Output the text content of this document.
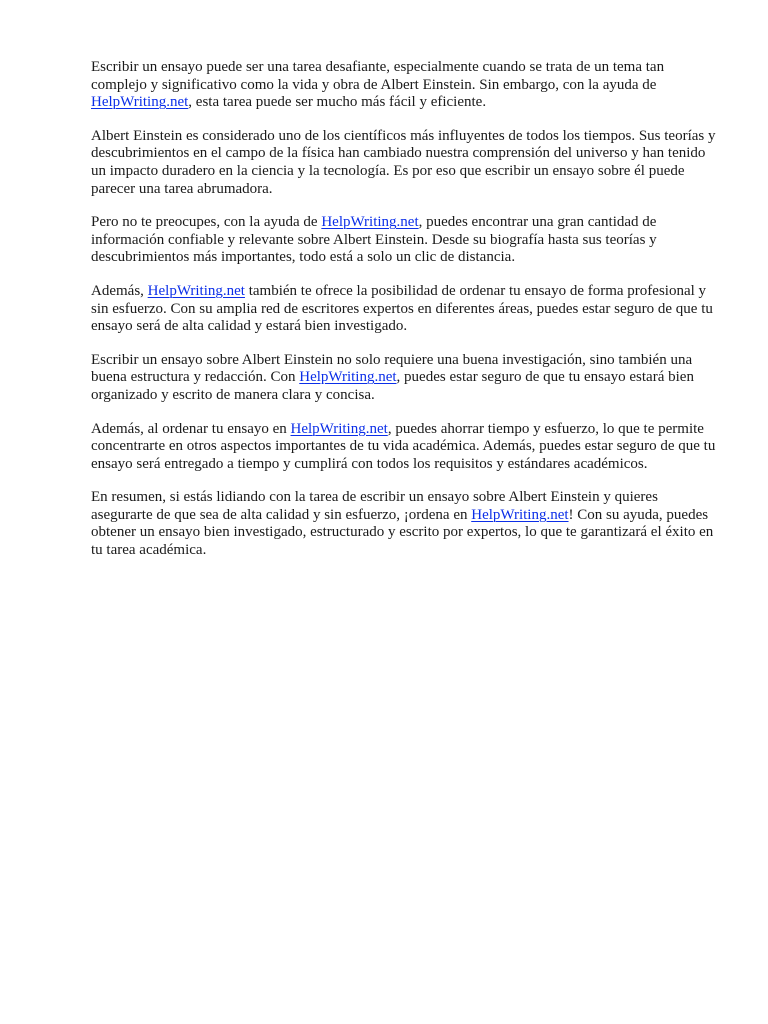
Escribir un ensayo puede ser una tarea desafiante, especialmente cuando se trata de un tema tan complejo y significativo como la vida y obra de Albert Einstein. Sin embargo, con la ayuda de HelpWriting.net, esta tarea puede ser mucho más fácil y eficiente.

Albert Einstein es considerado uno de los científicos más influyentes de todos los tiempos. Sus teorías y descubrimientos en el campo de la física han cambiado nuestra comprensión del universo y han tenido un impacto duradero en la ciencia y la tecnología. Es por eso que escribir un ensayo sobre él puede parecer una tarea abrumadora.

Pero no te preocupes, con la ayuda de HelpWriting.net, puedes encontrar una gran cantidad de información confiable y relevante sobre Albert Einstein. Desde su biografía hasta sus teorías y descubrimientos más importantes, todo está a solo un clic de distancia.

Además, HelpWriting.net también te ofrece la posibilidad de ordenar tu ensayo de forma profesional y sin esfuerzo. Con su amplia red de escritores expertos en diferentes áreas, puedes estar seguro de que tu ensayo será de alta calidad y estará bien investigado.

Escribir un ensayo sobre Albert Einstein no solo requiere una buena investigación, sino también una buena estructura y redacción. Con HelpWriting.net, puedes estar seguro de que tu ensayo estará bien organizado y escrito de manera clara y concisa.

Además, al ordenar tu ensayo en HelpWriting.net, puedes ahorrar tiempo y esfuerzo, lo que te permite concentrarte en otros aspectos importantes de tu vida académica. Además, puedes estar seguro de que tu ensayo será entregado a tiempo y cumplirá con todos los requisitos y estándares académicos.

En resumen, si estás lidiando con la tarea de escribir un ensayo sobre Albert Einstein y quieres asegurarte de que sea de alta calidad y sin esfuerzo, ¡ordena en HelpWriting.net! Con su ayuda, puedes obtener un ensayo bien investigado, estructurado y escrito por expertos, lo que te garantizará el éxito en tu tarea académica.
